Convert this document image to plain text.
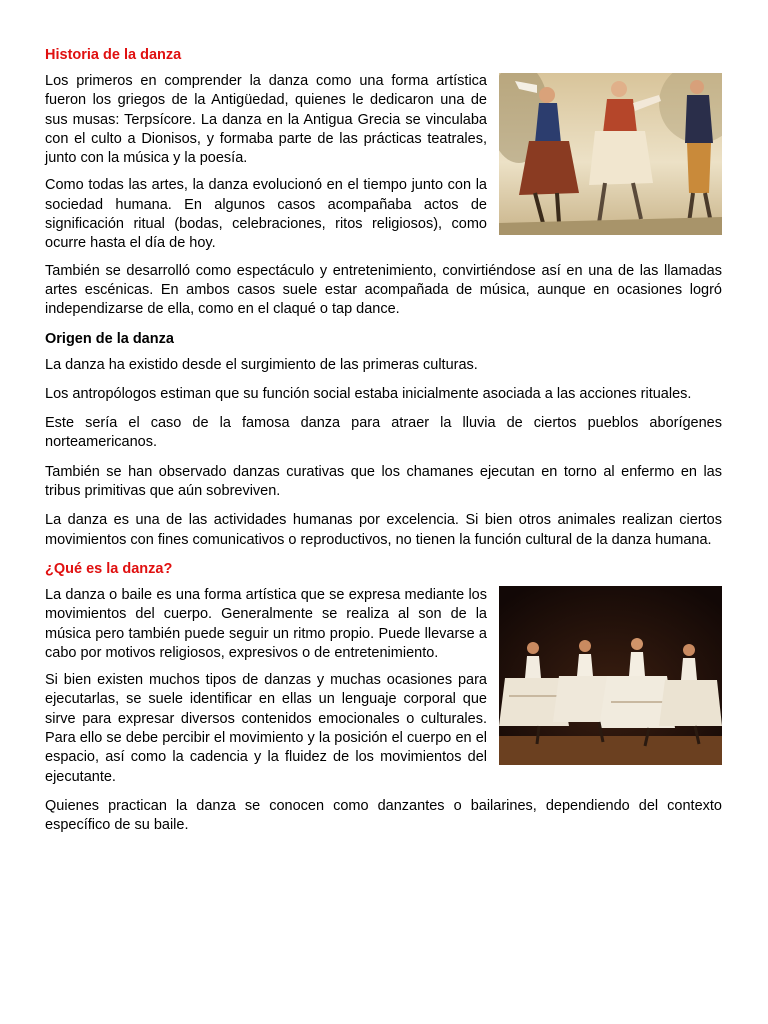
Historia de la danza

Los primeros en comprender la danza como una forma artística fueron los griegos de la Antigüedad, quienes le dedicaron una de sus musas: Terpsícore. La danza en la Antigua Grecia se vinculaba con el culto a Dionisos, y formaba parte de las prácticas teatrales, junto con la música y la poesía.

Como todas las artes, la danza evolucionó en el tiempo junto con la sociedad humana. En algunos casos acompañaba actos de significación ritual (bodas, celebraciones, ritos religiosos), como ocurre hasta el día de hoy.

También se desarrolló como espectáculo y entretenimiento, convirtiéndose así en una de las llamadas artes escénicas. En ambos casos suele estar acompañada de música, aunque en ocasiones logró independizarse de ella, como en el claqué o tap dance.

Origen de la danza

La danza ha existido desde el surgimiento de las primeras culturas.

Los antropólogos estiman que su función social estaba inicialmente asociada a las acciones rituales.

Este sería el caso de la famosa danza para atraer la lluvia de ciertos pueblos aborígenes norteamericanos.

También se han observado danzas curativas que los chamanes ejecutan en torno al enfermo en las tribus primitivas que aún sobreviven.

La danza es una de las actividades humanas por excelencia. Si bien otros animales realizan ciertos movimientos con fines comunicativos o reproductivos, no tienen la función cultural de la danza humana.

¿Qué es la danza?

La danza o baile es una forma artística que se expresa mediante los movimientos del cuerpo. Generalmente se realiza al son de la música pero también puede seguir un ritmo propio. Puede llevarse a cabo por motivos religiosos, expresivos o de entretenimiento.

Si bien existen muchos tipos de danzas y muchas ocasiones para ejecutarlas, se suele identificar en ellas un lenguaje corporal que sirve para expresar diversos contenidos emocionales o culturales. Para ello se debe percibir el movimiento y la posición el cuerpo en el espacio, así como la cadencia y la fluidez de los movimientos del ejecutante.

Quienes practican la danza se conocen como danzantes o bailarines, dependiendo del contexto específico de su baile.
